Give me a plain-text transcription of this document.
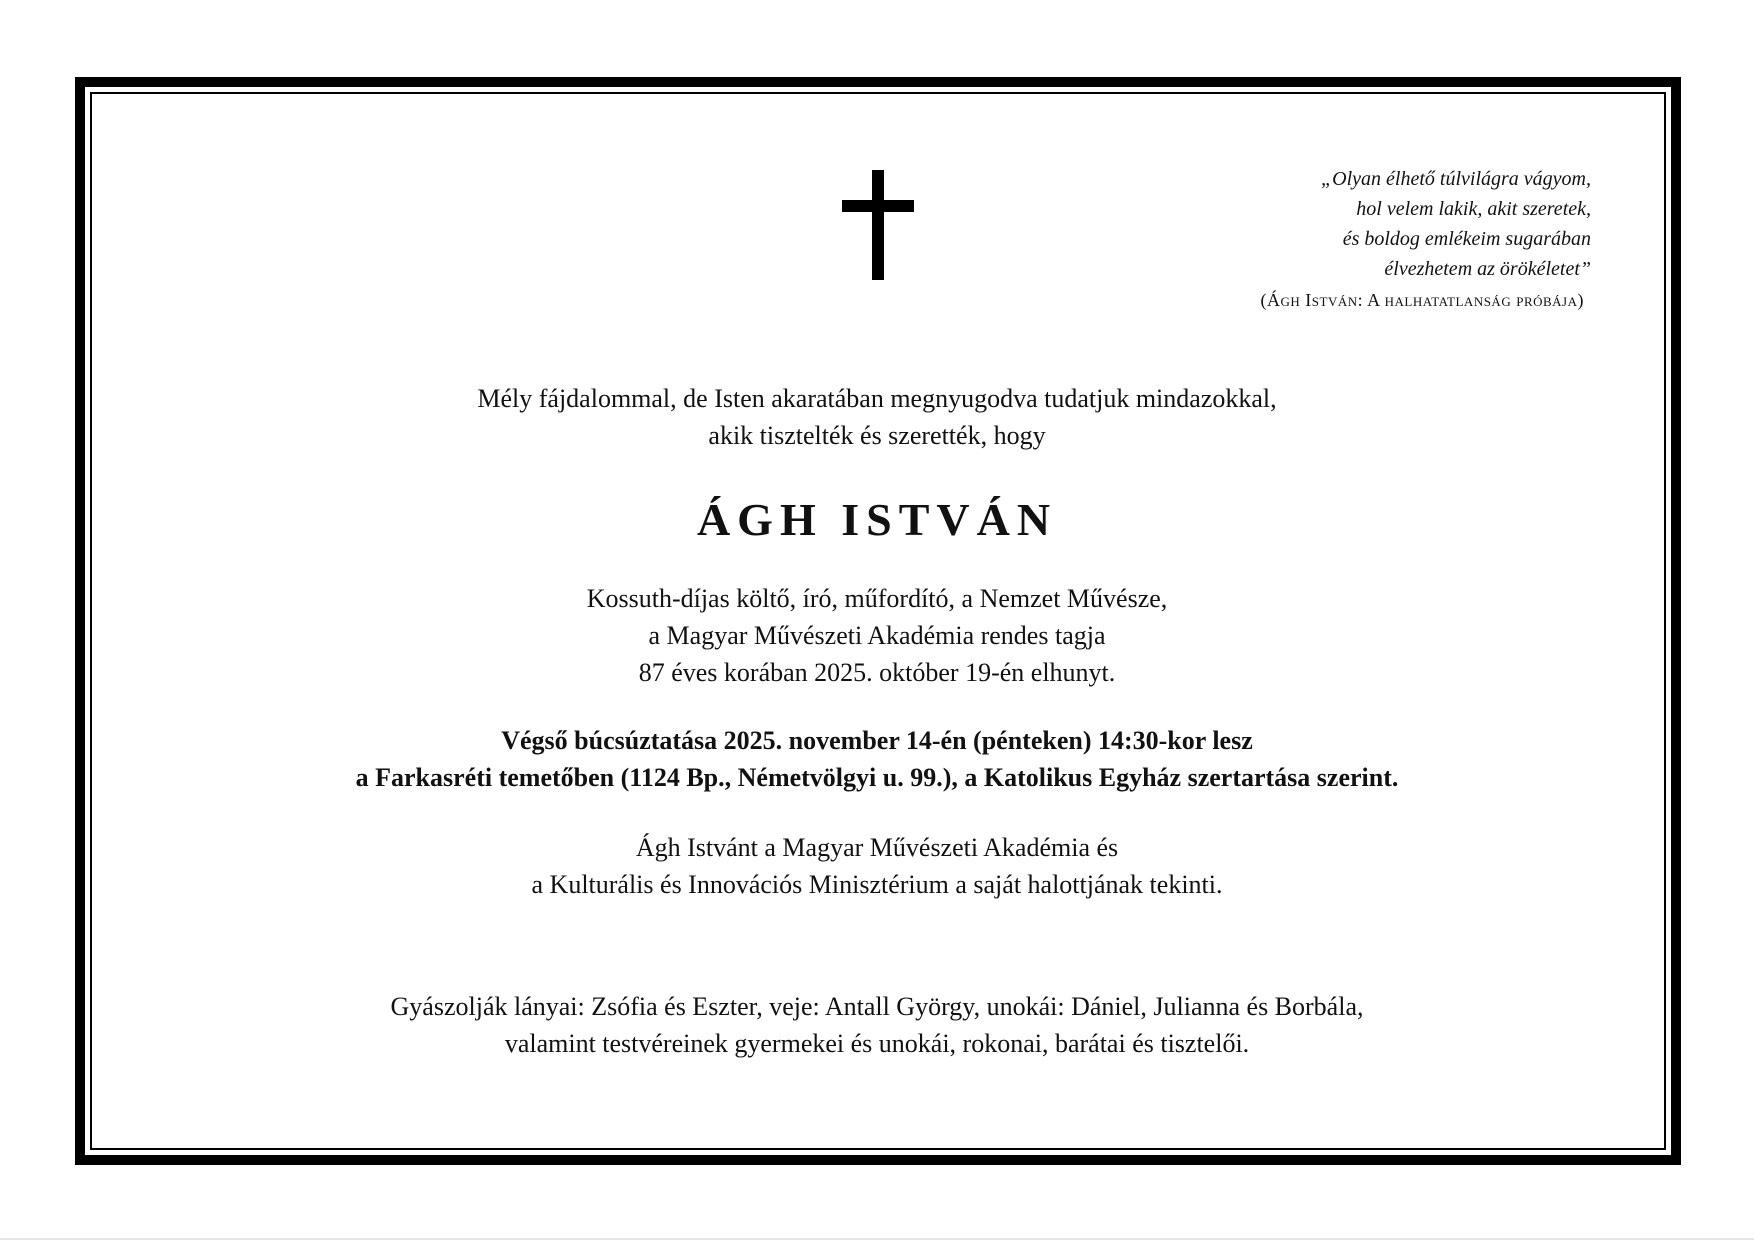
„Olyan élhető túlvilágra vágyom,
hol velem lakik, akit szeretek,
és boldog emlékeim sugarában
élvezhetem az örökéletet”
(Ágh István: A halhatatlanság próbája)
Mély fájdalommal, de Isten akaratában megnyugodva tudatjuk mindazokkal,
akik tisztelték és szerették, hogy
ÁGH ISTVÁN
Kossuth-díjas költő, író, műfordító, a Nemzet Művésze,
a Magyar Művészeti Akadémia rendes tagja
87 éves korában 2025. október 19-én elhunyt.
Végső búcsúztatása 2025. november 14-én (pénteken) 14:30-kor lesz
a Farkasréti temetőben (1124 Bp., Németvölgyi u. 99.), a Katolikus Egyház szertartása szerint.
Ágh Istvánt a Magyar Művészeti Akadémia és
a Kulturális és Innovációs Minisztérium a saját halottjának tekinti.
Gyászolják lányai: Zsófia és Eszter, veje: Antall György, unokái: Dániel, Julianna és Borbála,
valamint testvéreinek gyermekei és unokái, rokonai, barátai és tisztelői.
